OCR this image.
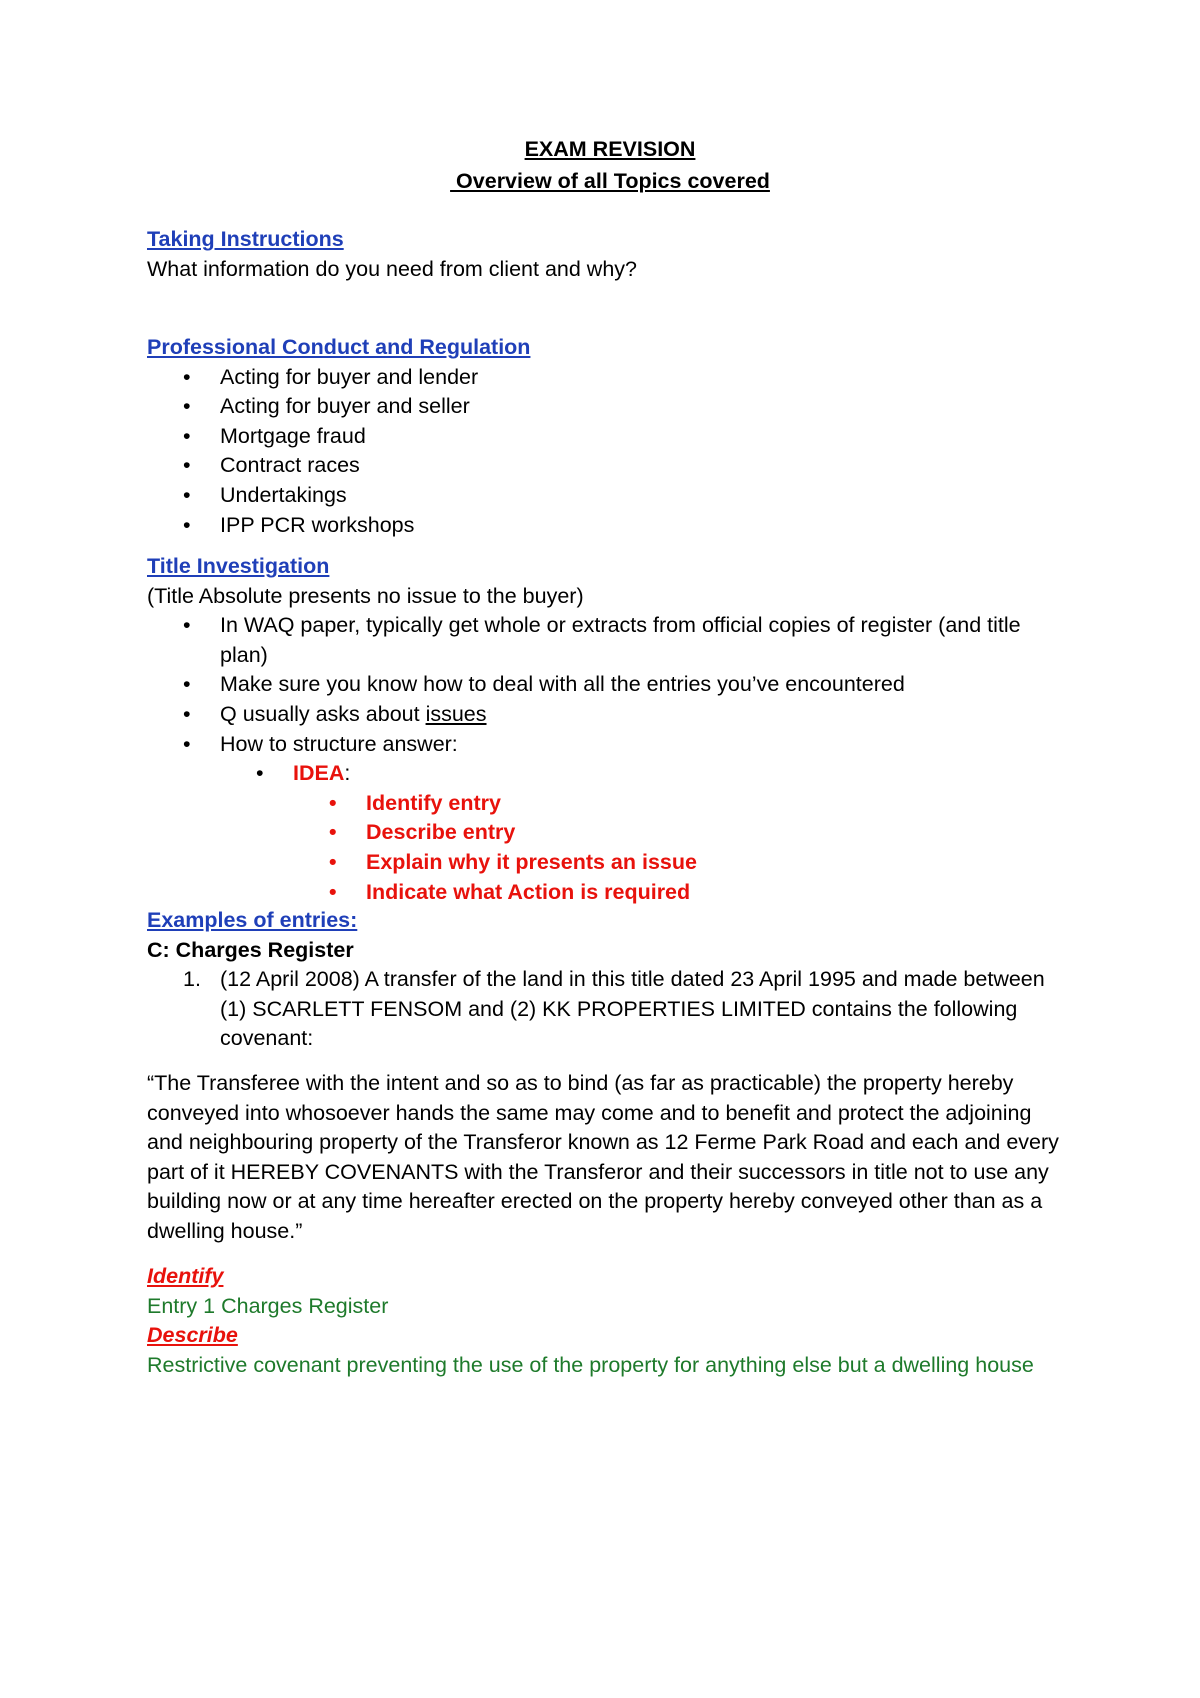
EXAM REVISION
Overview of all Topics covered
Taking Instructions
What information do you need from client and why?
Professional Conduct and Regulation
• Acting for buyer and lender
• Acting for buyer and seller
• Mortgage fraud
• Contract races
• Undertakings
• IPP PCR workshops
Title Investigation
(Title Absolute presents no issue to the buyer)
• In WAQ paper, typically get whole or extracts from official copies of register (and title plan)
• Make sure you know how to deal with all the entries you’ve encountered
• Q usually asks about issues
• How to structure answer:
• IDEA:
• Identify entry
• Describe entry
• Explain why it presents an issue
• Indicate what Action is required
Examples of entries:
C: Charges Register
1. (12 April 2008) A transfer of the land in this title dated 23 April 1995 and made between (1) SCARLETT FENSOM and (2) KK PROPERTIES LIMITED contains the following covenant:
“The Transferee with the intent and so as to bind (as far as practicable) the property hereby conveyed into whosoever hands the same may come and to benefit and protect the adjoining and neighbouring property of the Transferor known as 12 Ferme Park Road and each and every part of it HEREBY COVENANTS with the Transferor and their successors in title not to use any building now or at any time hereafter erected on the property hereby conveyed other than as a dwelling house.”
Identify
Entry 1 Charges Register
Describe
Restrictive covenant preventing the use of the property for anything else but a dwelling house
